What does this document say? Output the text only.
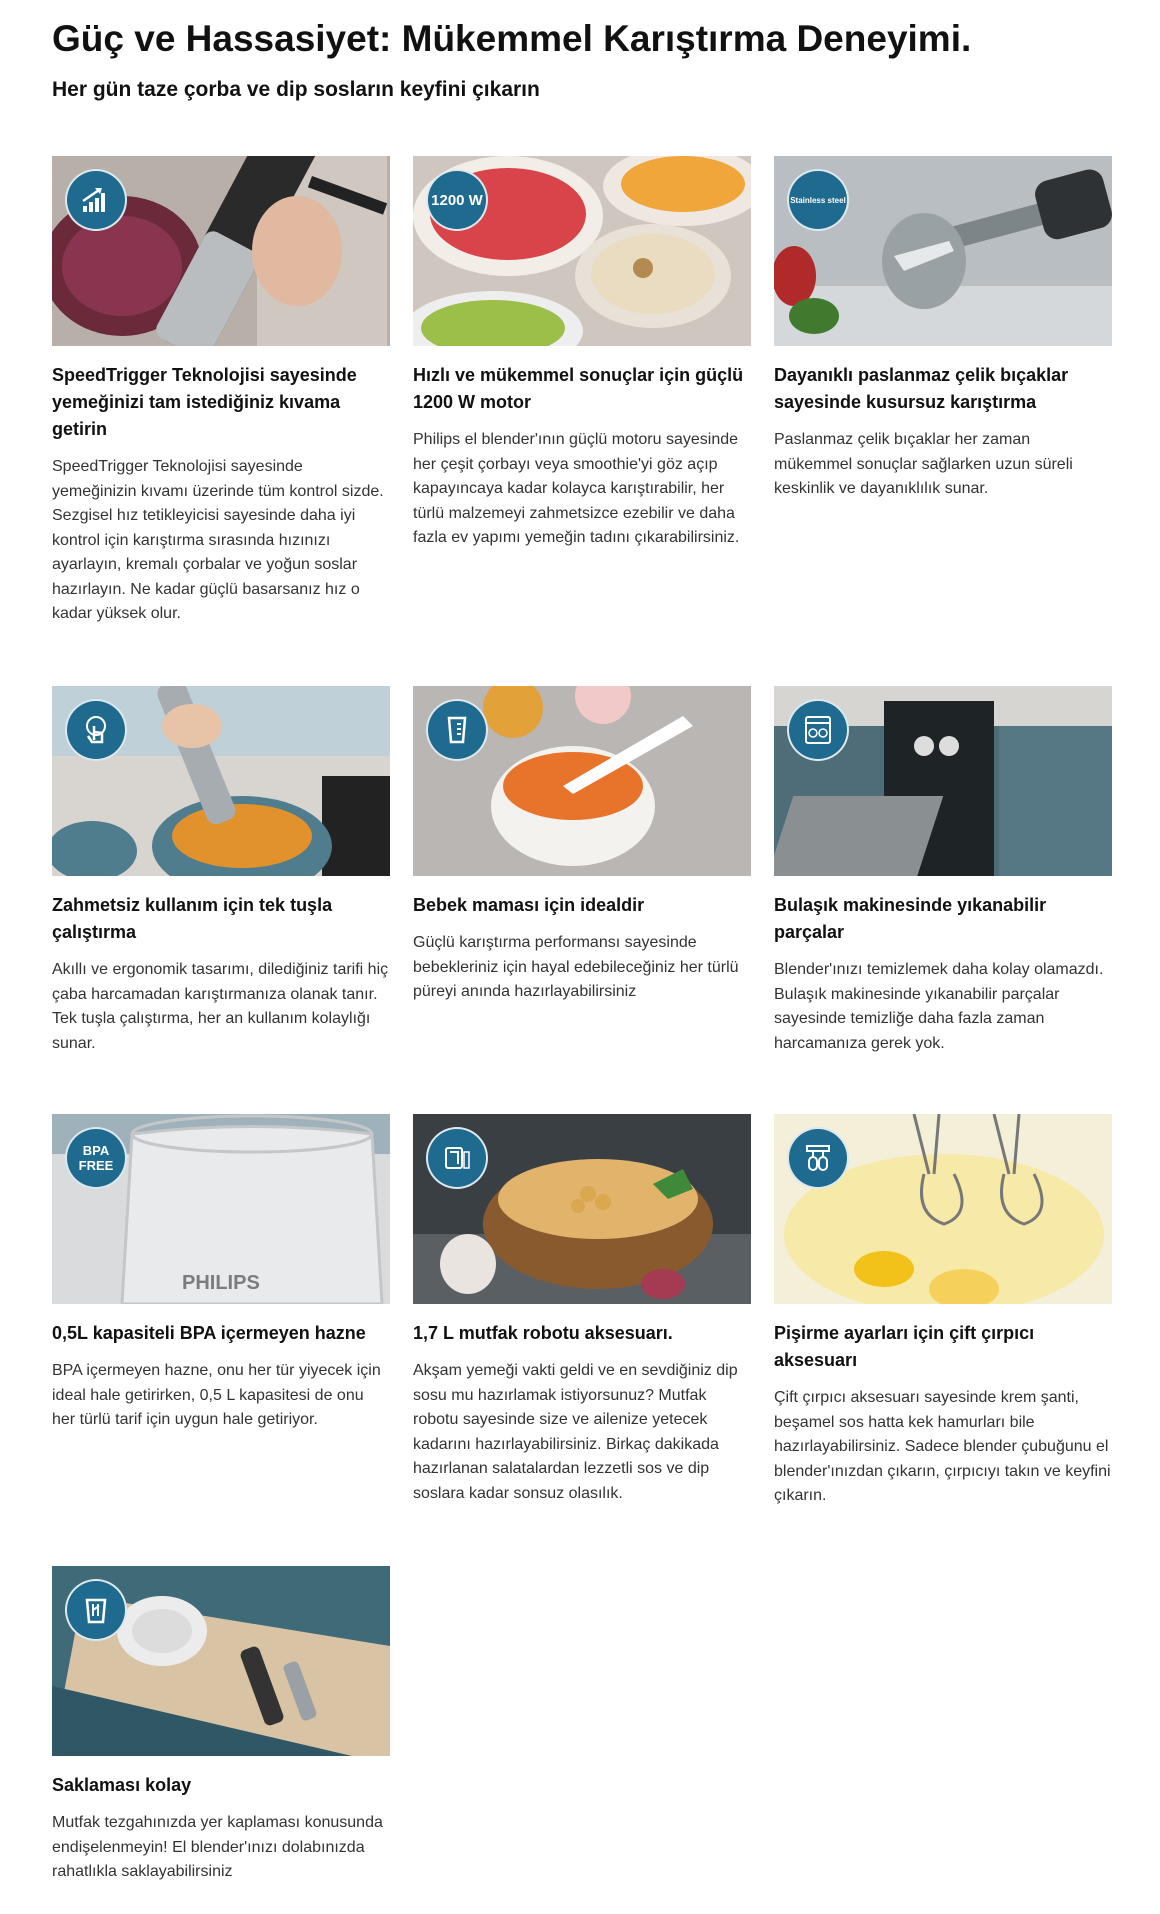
Güç ve Hassasiyet: Mükemmel Karıştırma Deneyimi.
Her gün taze çorba ve dip sosların keyfini çıkarın
SpeedTrigger Teknolojisi sayesinde yemeğinizi tam istediğiniz kıvama getirin

SpeedTrigger Teknolojisi sayesinde yemeğinizin kıvamı üzerinde tüm kontrol sizde. Sezgisel hız tetikleyicisi sayesinde daha iyi kontrol için karıştırma sırasında hızınızı ayarlayın, kremalı çorbalar ve yoğun soslar hazırlayın. Ne kadar güçlü basarsanız hız o kadar yüksek olur.

1200 W
Hızlı ve mükemmel sonuçlar için güçlü 1200 W motor

Philips el blender'ının güçlü motoru sayesinde her çeşit çorbayı veya smoothie'yi göz açıp kapayıncaya kadar kolayca karıştırabilir, her türlü malzemeyi zahmetsizce ezebilir ve daha fazla ev yapımı yemeğin tadını çıkarabilirsiniz.

Stainless steel
Dayanıklı paslanmaz çelik bıçaklar sayesinde kusursuz karıştırma

Paslanmaz çelik bıçaklar her zaman mükemmel sonuçlar sağlarken uzun süreli keskinlik ve dayanıklılık sunar.

Zahmetsiz kullanım için tek tuşla çalıştırma

Akıllı ve ergonomik tasarımı, dilediğiniz tarifi hiç çaba harcamadan karıştırmanıza olanak tanır. Tek tuşla çalıştırma, her an kullanım kolaylığı sunar.

Bebek maması için idealdir

Güçlü karıştırma performansı sayesinde bebekleriniz için hayal edebileceğiniz her türlü püreyi anında hazırlayabilirsiniz

Bulaşık makinesinde yıkanabilir parçalar

Blender'ınızı temizlemek daha kolay olamazdı. Bulaşık makinesinde yıkanabilir parçalar sayesinde temizliğe daha fazla zaman harcamanıza gerek yok.

PHILIPS
BPA FREE
0,5L kapasiteli BPA içermeyen hazne

BPA içermeyen hazne, onu her tür yiyecek için ideal hale getirirken, 0,5 L kapasitesi de onu her türlü tarif için uygun hale getiriyor.

1,7 L mutfak robotu aksesuarı.

Akşam yemeği vakti geldi ve en sevdiğiniz dip sosu mu hazırlamak istiyorsunuz? Mutfak robotu sayesinde size ve ailenize yetecek kadarını hazırlayabilirsiniz. Birkaç dakikada hazırlanan salatalardan lezzetli sos ve dip soslara kadar sonsuz olasılık.

Pişirme ayarları için çift çırpıcı aksesuarı

Çift çırpıcı aksesuarı sayesinde krem şanti, beşamel sos hatta kek hamurları bile hazırlayabilirsiniz. Sadece blender çubuğunu el blender'ınızdan çıkarın, çırpıcıyı takın ve keyfini çıkarın.

Saklaması kolay

Mutfak tezgahınızda yer kaplaması konusunda endişelenmeyin! El blender'ınızı dolabınızda rahatlıkla saklayabilirsiniz
